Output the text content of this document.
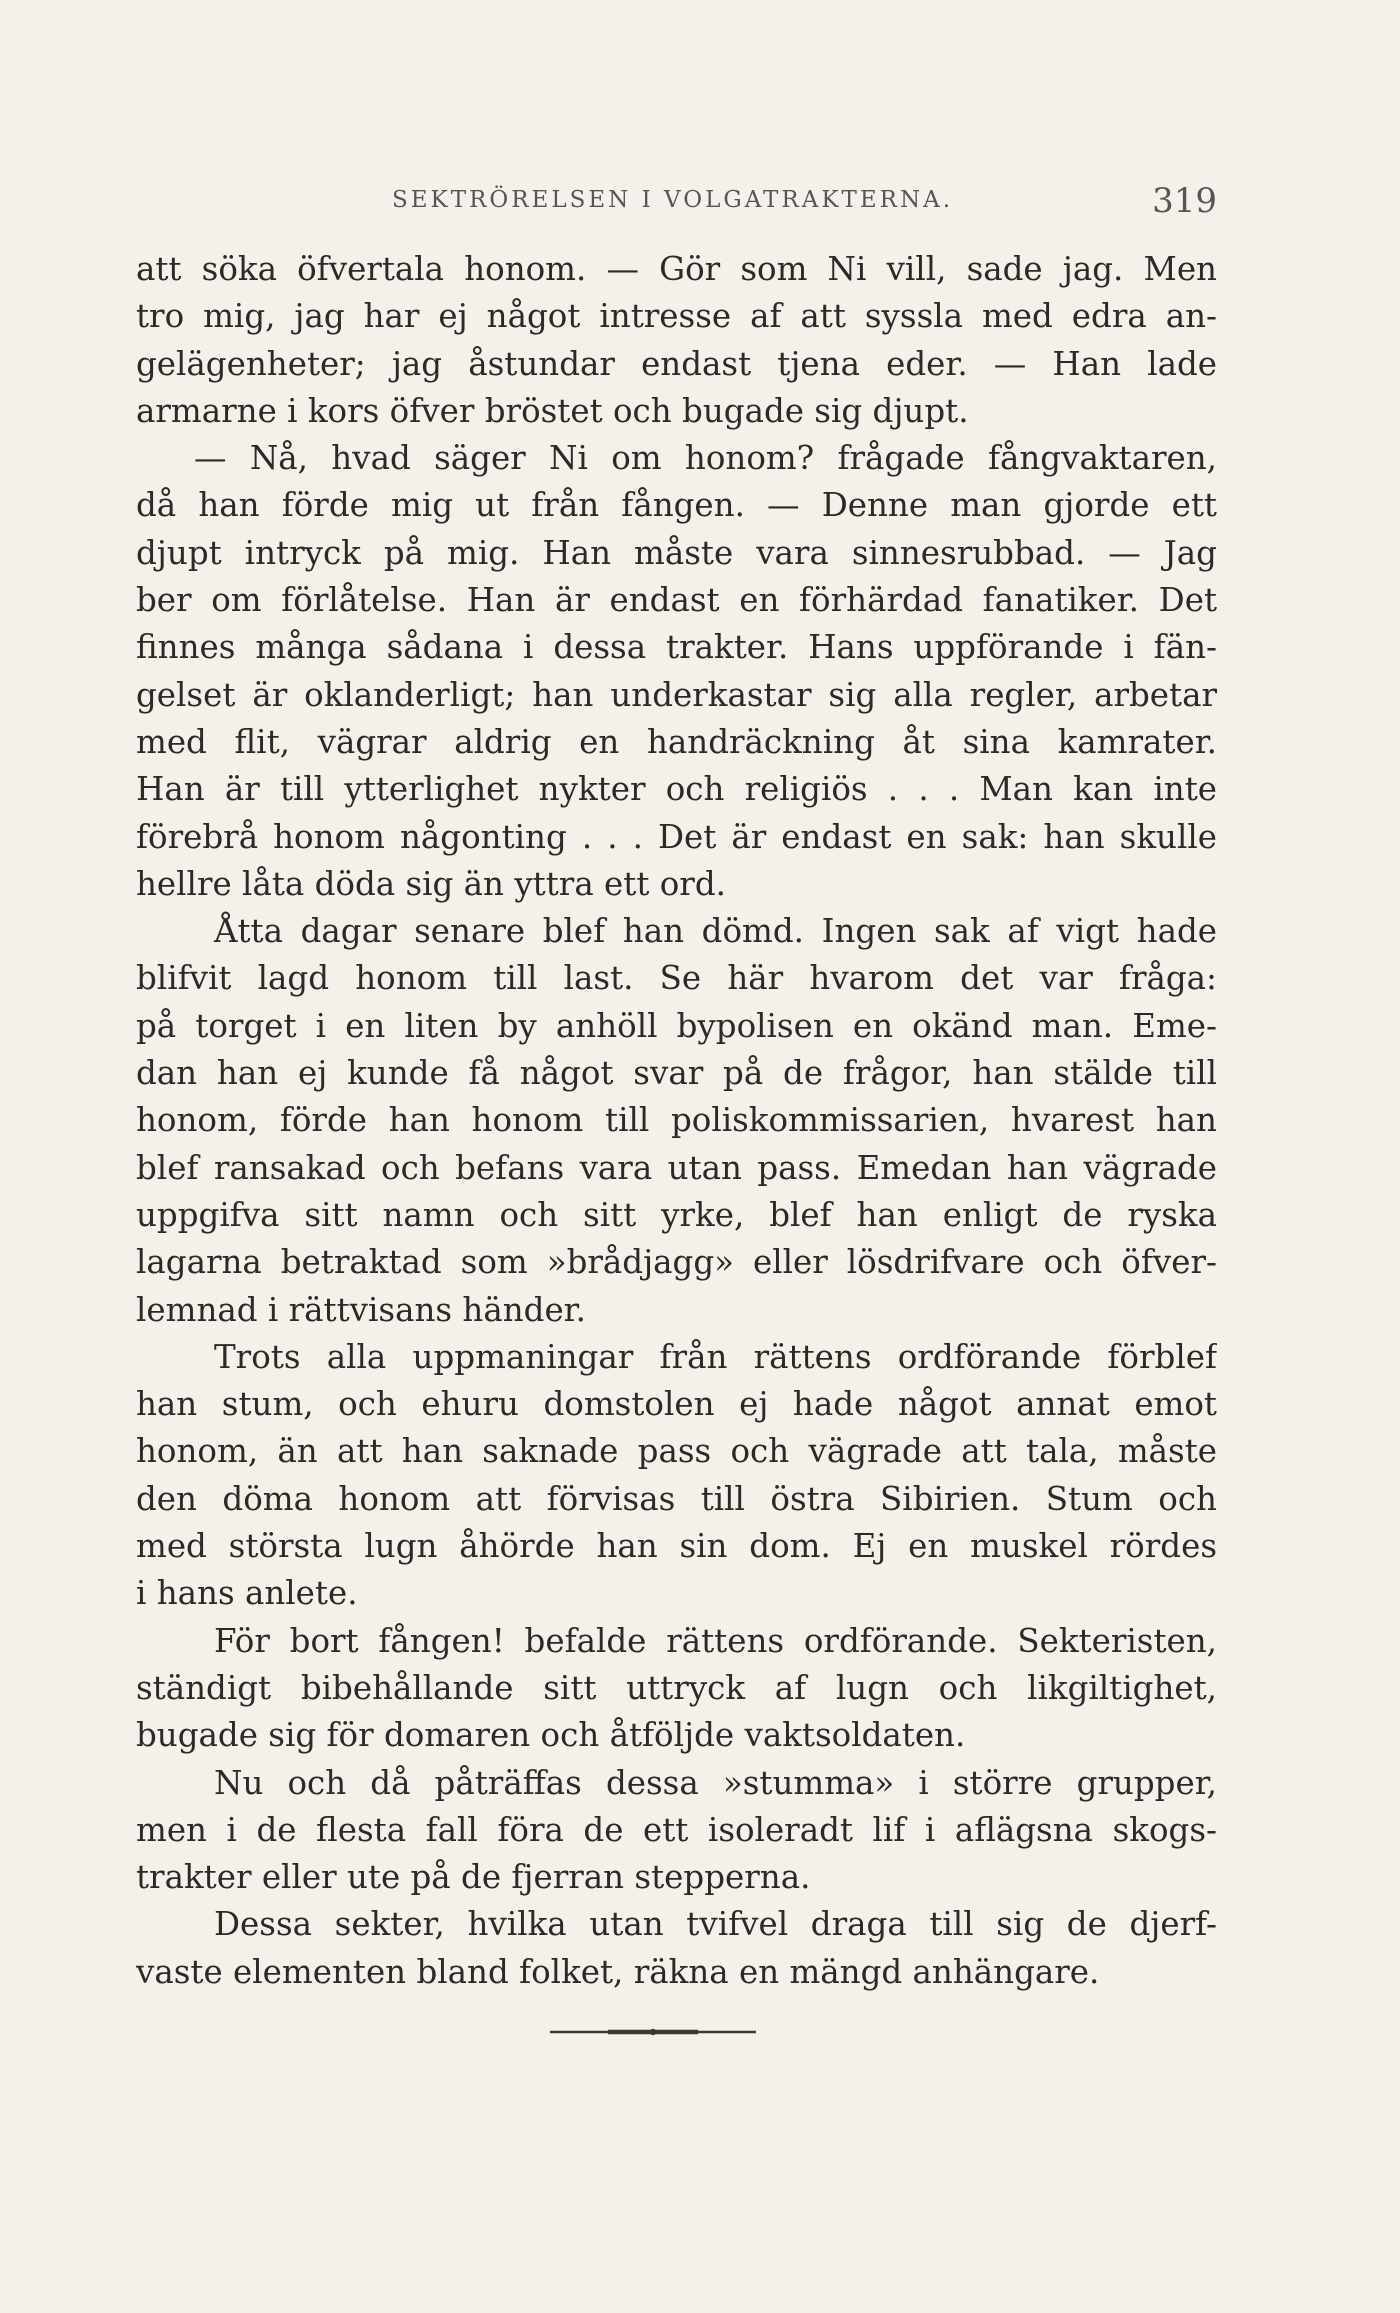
SEKTRÖRELSEN I VOLGATRAKTERNA.	319
att söka öfvertala honom. — Gör som Ni vill, sade jag. Men
tro mig, jag har ej något intresse af att syssla med edra an-
gelägenheter; jag åstundar endast tjena eder. — Han lade
armarne i kors öfver bröstet och bugade sig djupt.
— Nå, hvad säger Ni om honom? frågade fångvaktaren,
då han förde mig ut från fången. — Denne man gjorde ett
djupt intryck på mig. Han måste vara sinnesrubbad. — Jag
ber om förlåtelse. Han är endast en förhärdad fanatiker. Det
finnes många sådana i dessa trakter. Hans uppförande i fän-
gelset är oklanderligt; han underkastar sig alla regler, arbetar
med flit, vägrar aldrig en handräckning åt sina kamrater.
Han är till ytterlighet nykter och religiös . . . Man kan inte
förebrå honom någonting . . . Det är endast en sak: han skulle
hellre låta döda sig än yttra ett ord.
Åtta dagar senare blef han dömd. Ingen sak af vigt hade
blifvit lagd honom till last. Se här hvarom det var fråga:
på torget i en liten by anhöll bypolisen en okänd man. Eme-
dan han ej kunde få något svar på de frågor, han stälde till
honom, förde han honom till poliskommissarien, hvarest han
blef ransakad och befans vara utan pass. Emedan han vägrade
uppgifva sitt namn och sitt yrke, blef han enligt de ryska
lagarna betraktad som »brådjagg» eller lösdrifvare och öfver-
lemnad i rättvisans händer.
Trots alla uppmaningar från rättens ordförande förblef
han stum, och ehuru domstolen ej hade något annat emot
honom, än att han saknade pass och vägrade att tala, måste
den döma honom att förvisas till östra Sibirien. Stum och
med största lugn åhörde han sin dom. Ej en muskel rördes
i hans anlete.
För bort fången! befalde rättens ordförande. Sekteristen,
ständigt bibehållande sitt uttryck af lugn och likgiltighet,
bugade sig för domaren och åtföljde vaktsoldaten.
Nu och då påträffas dessa »stumma» i större grupper,
men i de flesta fall föra de ett isoleradt lif i aflägsna skogs-
trakter eller ute på de fjerran stepperna.
Dessa sekter, hvilka utan tvifvel draga till sig de djerf-
vaste elementen bland folket, räkna en mängd anhängare.
